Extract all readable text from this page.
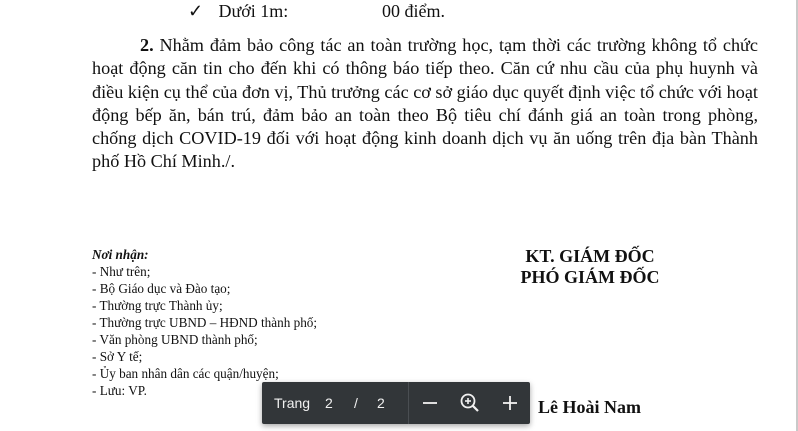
✓ Dưới 1m:	00 điểm.
2. Nhằm đảm bảo công tác an toàn trường học, tạm thời các trường không tổ chức hoạt động căn tin cho đến khi có thông báo tiếp theo. Căn cứ nhu cầu của phụ huynh và điều kiện cụ thể của đơn vị, Thủ trưởng các cơ sở giáo dục quyết định việc tổ chức với hoạt động bếp ăn, bán trú, đảm bảo an toàn theo Bộ tiêu chí đánh giá an toàn trong phòng, chống dịch COVID-19 đối với hoạt động kinh doanh dịch vụ ăn uống trên địa bàn Thành phố Hồ Chí Minh./.
Nơi nhận:
- Như trên;
- Bộ Giáo dục và Đào tạo;
- Thường trực Thành ủy;
- Thường trực UBND – HĐND thành phố;
- Văn phòng UBND thành phố;
- Sở Y tế;
- Ủy ban nhân dân các quận/huyện;
- Lưu: VP.
KT. GIÁM ĐỐC
PHÓ GIÁM ĐỐC
Lê Hoài Nam
Trang 2 / 2
